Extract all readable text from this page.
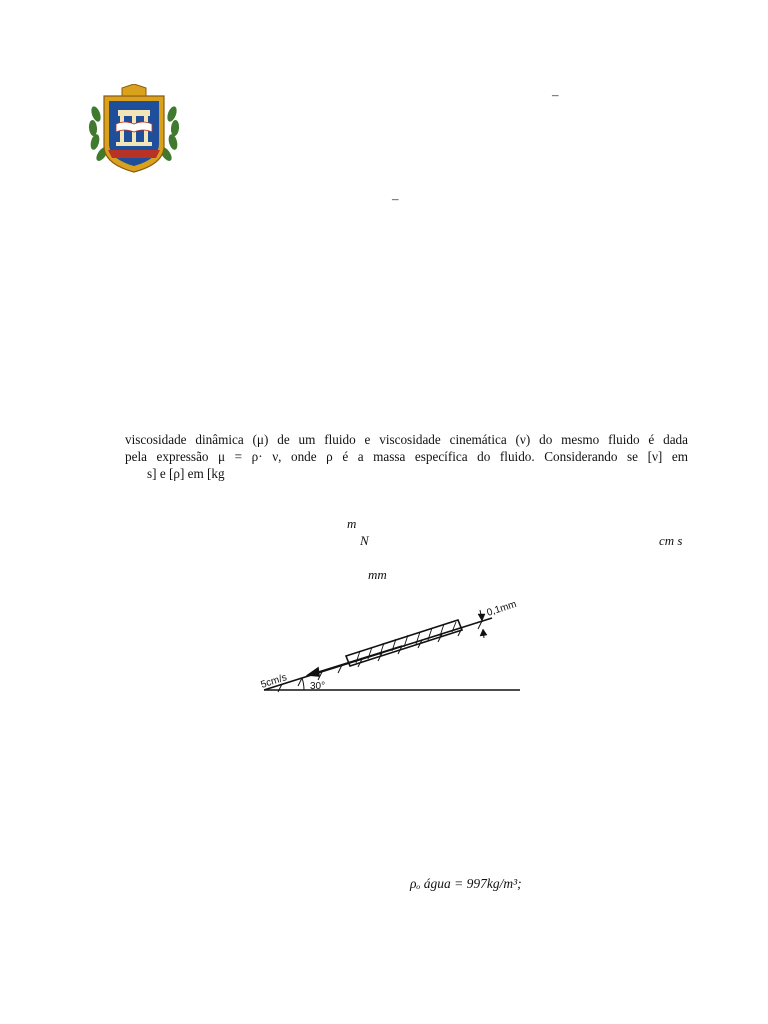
–
–
viscosidade dinâmica (μ) de um fluido e viscosidade cinemática (ν) do mesmo fluido é dada
pela expressão μ = ρ· ν, onde ρ é a massa específica do fluido. Considerando se [ν] em
s] e [ρ] em [kg
m
N	cm s
mm
5cm/s
0,1mm
30°
ρₒ água = 997kg/m³;
